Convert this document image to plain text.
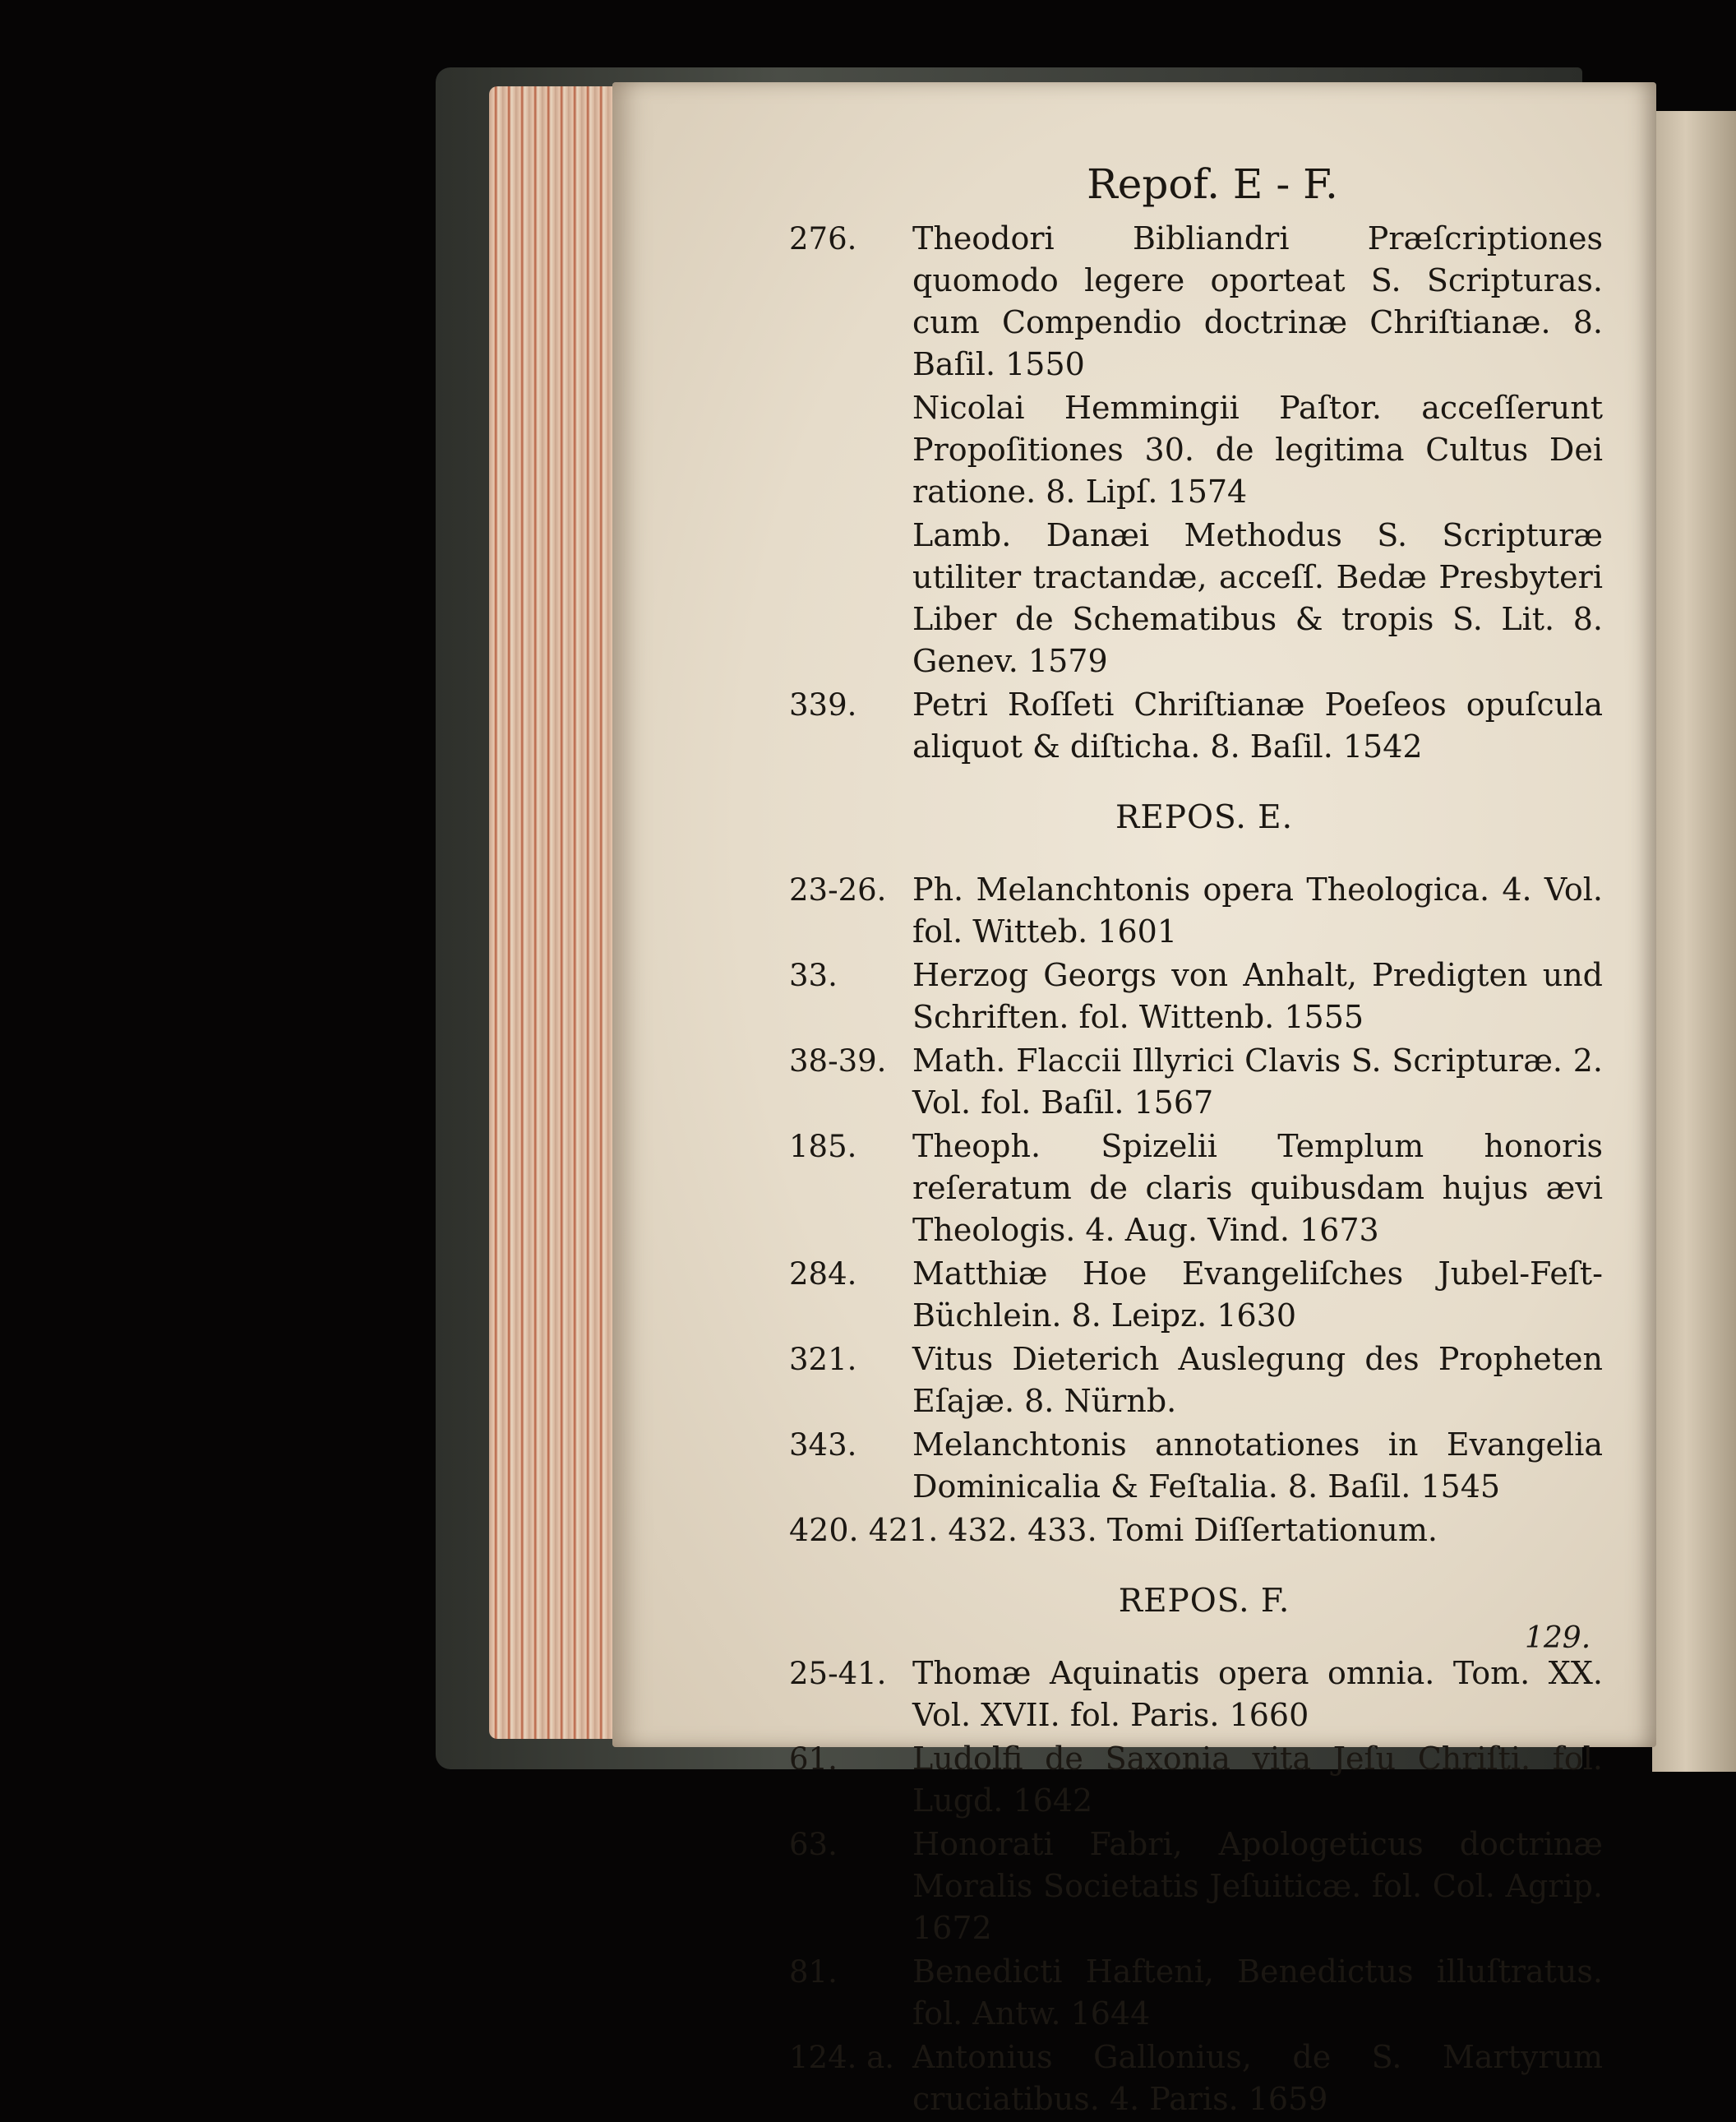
Repof. E - F.
276. Theodori Bibliandri Præſcriptiones quomodo legere oporteat S. Scripturas. cum Compendio doctrinæ Chriſtianæ. 8. Baſil. 1550
Nicolai Hemmingii Paſtor. acceſſerunt Propoſitiones 30. de legitima Cultus Dei ratione. 8. Lipſ. 1574
Lamb. Danæi Methodus S. Scripturæ utiliter tractandæ, acceſſ. Bedæ Presbyteri Liber de Schematibus & tropis S. Lit. 8. Genev. 1579
339. Petri Roſſeti Chriſtianæ Poeſeos opuſcula aliquot & diſticha. 8. Baſil. 1542
REPOS. E.
23-26. Ph. Melanchtonis opera Theologica. 4. Vol. fol. Witteb. 1601
33. Herzog Georgs von Anhalt, Predigten und Schriften. fol. Wittenb. 1555
38-39. Math. Flaccii Illyrici Clavis S. Scripturæ. 2. Vol. fol. Baſil. 1567
185. Theoph. Spizelii Templum honoris reſeratum de claris quibusdam hujus ævi Theologis. 4. Aug. Vind. 1673
284. Matthiæ Hoe Evangeliſches Jubel-Feſt-Büchlein. 8. Leipz. 1630
321. Vitus Dieterich Auslegung des Propheten Eſajæ. 8. Nürnb.
343. Melanchtonis annotationes in Evangelia Dominicalia & Feſtalia. 8. Baſil. 1545
420. 421. 432. 433. Tomi Diſſertationum.
REPOS. F.
25-41. Thomæ Aquinatis opera omnia. Tom. XX. Vol. XVII. fol. Paris. 1660
61. Ludolfi de Saxonia vita Jeſu Chriſti. fol. Lugd. 1642
63. Honorati Fabri, Apologeticus doctrinæ Moralis Societatis Jeſuiticæ. fol. Col. Agrip. 1672
81. Benedicti Hafteni, Benedictus illuſtratus. fol. Antw. 1644
124. a. Antonius Gallonius, de S. Martyrum cruciatibus. 4. Paris. 1659
129.
